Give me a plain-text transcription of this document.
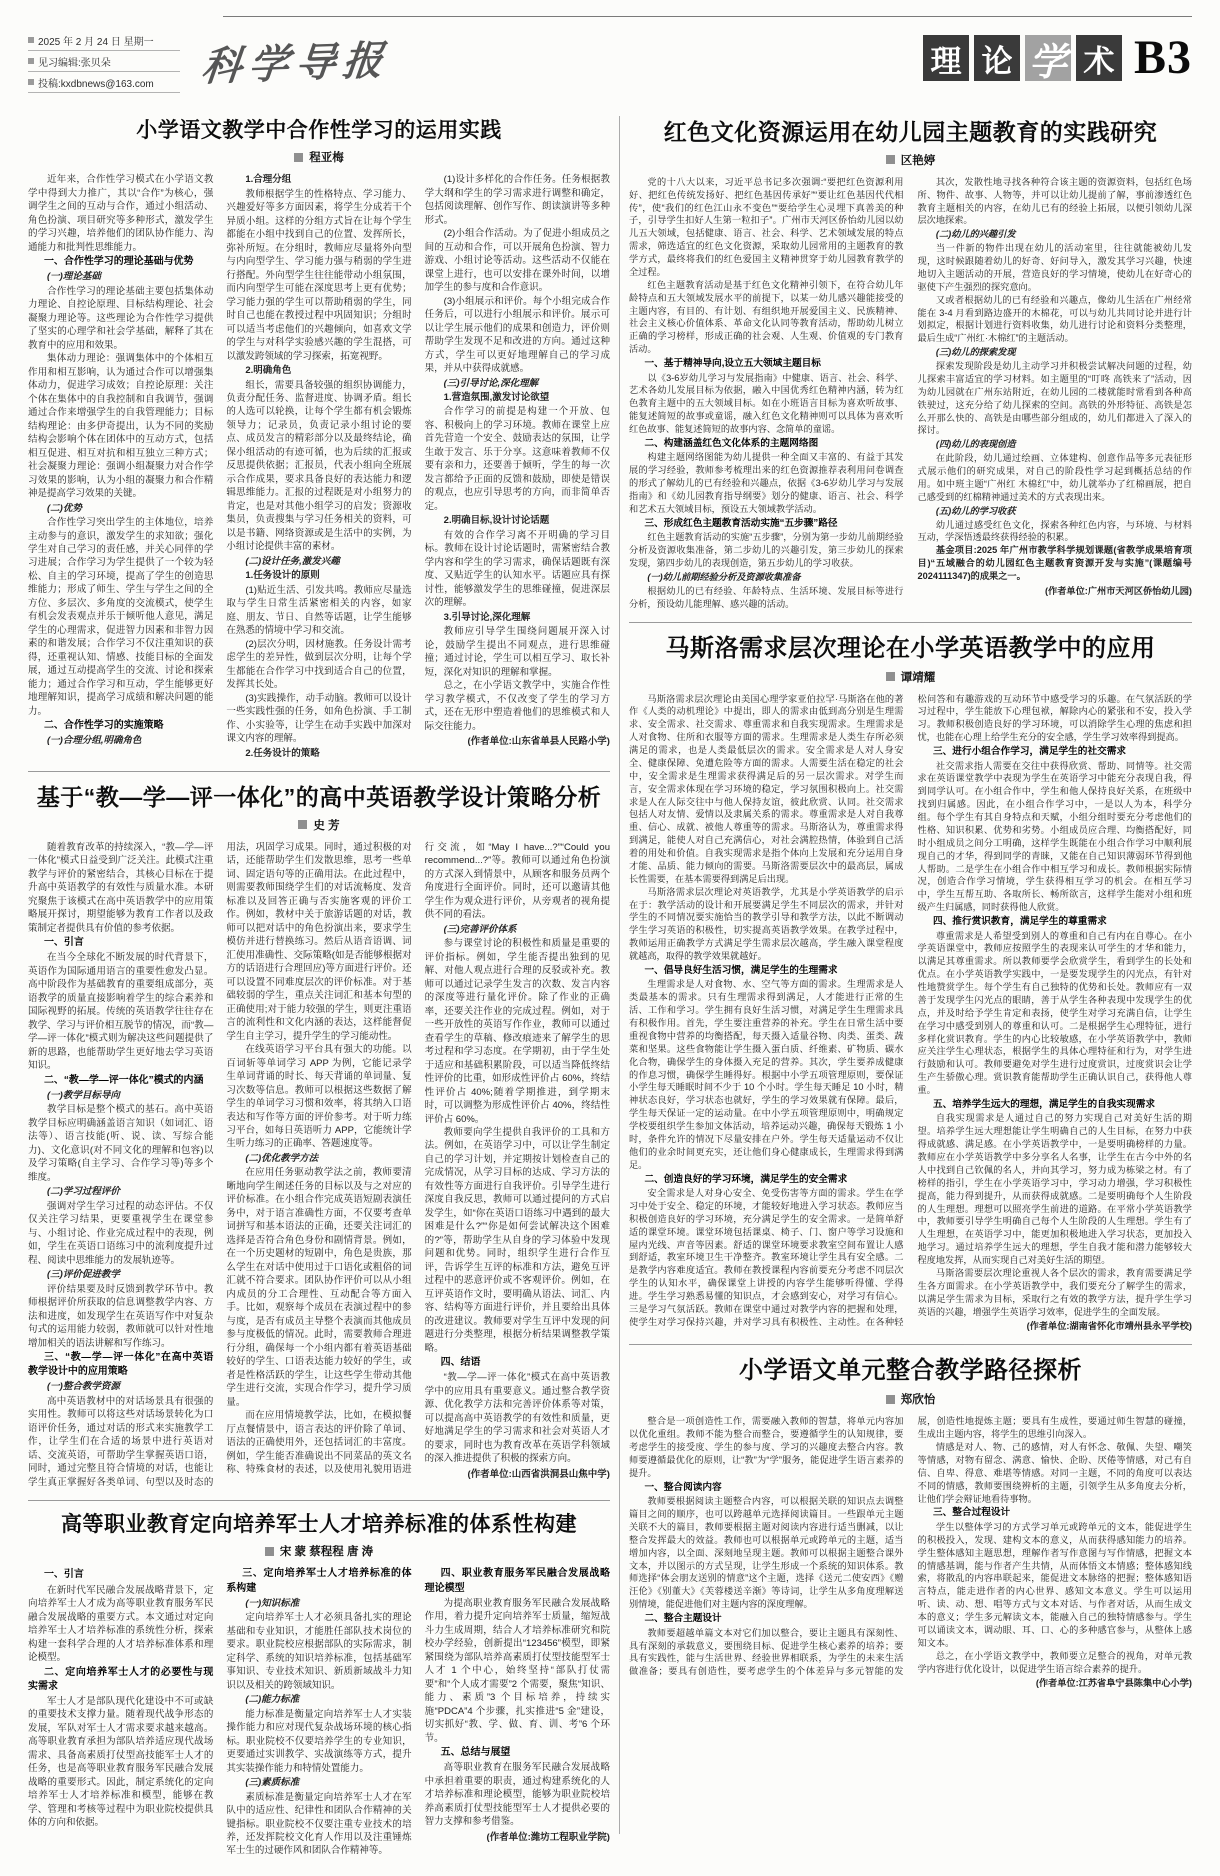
2025 年 2 月 24 日 星期一
见习编辑:张贝朵
投稿:kxdbnews@163.com 科学导报	理 论 学 术 B3
小学语文教学中合作性学习的运用实践
程亚梅
近年来，合作性学习模式在小学语文教学中得到大力推广，其以“合作”为核心，强调学生之间的互动与合作，通过小组活动、角色扮演、项目研究等多种形式，激发学生的学习兴趣，培养他们的团队协作能力、沟通能力和批判性思维能力。
一、合作性学习的理论基础与优势
(一)理论基础
合作性学习的理论基础主要包括集体动力理论、自控论原理、目标结构理论、社会凝聚力理论等。这些理论为合作性学习提供了坚实的心理学和社会学基础，解释了其在教育中的应用和效果。
集体动力理论：强调集体中的个体相互作用和相互影响，认为通过合作可以增强集体动力，促进学习成效；自控论原理：关注个体在集体中的自我控制和自我调节，强调通过合作来增强学生的自我管理能力；目标结构理论：由多伊奇提出，认为不同的奖励结构会影响个体在团体中的互动方式，包括相互促进、相互对抗和相互独立三种方式；社会凝聚力理论：强调小组凝聚力对合作学习效果的影响，认为小组的凝聚力和合作精神是提高学习效果的关键。
(二)优势
合作性学习突出学生的主体地位，培养主动参与的意识，激发学生的求知欲；强化学生对自己学习的责任感，并关心同伴的学习进展；合作学习为学生提供了一个较为轻松、自主的学习环境，提高了学生的创造思维能力；形成了师生、学生与学生之间的全方位、多层次、多角度的交流模式，使学生有机会发表观点并乐于倾听他人意见，满足学生的心理需求，促进智力因素和非智力因素的和谐发展；合作学习不仅注重知识的获得，还重视认知、情感、技能目标的全面发展，通过互动提高学生的交流、讨论和探索能力；通过合作学习和互动，学生能够更好地理解知识，提高学习成绩和解决问题的能力。
二、合作性学习的实施策略
(一)合理分组,明确角色
1.合理分组
教师根据学生的性格特点、学习能力、兴趣爱好等多方面因素，将学生分成若干个异质小组。这样的分组方式旨在让每个学生都能在小组中找到自己的位置、发挥所长，弥补所短。在分组时，教师应尽量将外向型与内向型学生、学习能力强与稍弱的学生进行搭配。外向型学生往往能带动小组氛围，而内向型学生可能在深度思考上更有优势；学习能力强的学生可以帮助稍弱的学生，同时自己也能在教授过程中巩固知识；分组时可以适当考虑他们的兴趣倾向，如喜欢文学的学生与对科学实验感兴趣的学生混搭，可以激发跨领域的学习探索，拓宽视野。
2.明确角色
组长，需要具备较强的组织协调能力，负责分配任务、监督进度、协调矛盾。组长的人选可以轮换，让每个学生都有机会锻炼领导力；记录员，负责记录小组讨论的要点、成员发言的精彩部分以及最终结论，确保小组活动的有迹可循，也为后续的汇报或反思提供依据；汇报员，代表小组向全班展示合作成果，要求具备良好的表达能力和逻辑思维能力。汇报的过程既是对小组努力的肯定，也是对其他小组学习的启发；资源收集员，负责搜集与学习任务相关的资料，可以是书籍、网络资源或是生活中的实例，为小组讨论提供丰富的素材。
(二)设计任务,激发兴趣
1.任务设计的原则
(1)贴近生活、引发共鸣。教师应尽量选取与学生日常生活紧密相关的内容，如家庭、朋友、节日、自然等话题，让学生能够在熟悉的情境中学习和交流。
(2)层次分明，因材施教。任务设计需考虑学生的差异性，做到层次分明，让每个学生都能在合作学习中找到适合自己的位置，发挥其长处。
(3)实践操作，动手动脑。教师可以设计一些实践性强的任务，如角色扮演、手工制作、小实验等，让学生在动手实践中加深对课文内容的理解。
2.任务设计的策略
(1)设计多样化的合作任务。任务根据教学大纲和学生的学习需求进行调整和确定，包括阅读理解、创作写作、朗读演讲等多种形式。
(2)小组合作活动。为了促进小组成员之间的互动和合作，可以开展角色扮演、智力游戏、小组讨论等活动。这些活动不仅能在课堂上进行，也可以安排在课外时间，以增加学生的参与度和合作意识。
(3)小组展示和评价。每个小组完成合作任务后，可以进行小组展示和评价。展示可以让学生展示他们的成果和创造力，评价则帮助学生发现不足和改进的方向。通过这种方式，学生可以更好地理解自己的学习成果，并从中获得成就感。
(三)引导讨论,深化理解
1.营造氛围,激发讨论欲望
合作学习的前提是构建一个开放、包容、积极向上的学习环境。教师在课堂上应首先营造一个安全、鼓励表达的氛围，让学生敢于发言、乐于分享。这意味着教师不仅要有亲和力，还要善于倾听，学生的每一次发言都给予正面的反馈和鼓励，即使是错误的观点，也应引导思考的方向，而非简单否定。
2.明确目标,设计讨论话题
有效的合作学习离不开明确的学习目标。教师在设计讨论话题时，需紧密结合教学内容和学生的学习需求，确保话题既有深度、又贴近学生的认知水平。话题应具有探讨性，能够激发学生的思维碰撞，促进深层次的理解。
3.引导讨论,深化理解
教师应引导学生围绕问题展开深入讨论，鼓励学生提出不同观点，进行思维碰撞；通过讨论，学生可以相互学习、取长补短，深化对知识的理解和掌握。
总之，在小学语文教学中，实施合作性学习教学模式，不仅改变了学生的学习方式，还在无形中塑造着他们的思维模式和人际交往能力。
(作者单位:山东省单县人民路小学)
基于“教—学—评一体化”的高中英语教学设计策略分析
史 芳
随着教育改革的持续深入，“教—学—评一体化”模式日益受到广泛关注。此模式注重教学与评价的紧密结合，其核心目标在于提升高中英语教学的有效性与质量水准。本研究聚焦于该模式在高中英语教学中的应用策略展开探讨，期望能够为教育工作者以及政策制定者提供具有价值的参考依据。
一、引言
在当今全球化不断发展的时代背景下，英语作为国际通用语言的重要性愈发凸显。高中阶段作为基础教育的重要组成部分，英语教学的质量直接影响着学生的综合素养和国际视野的拓展。传统的英语教学往往存在教学、学习与评价相互脱节的情况，而“教—学—评一体化”模式则为解决这些问题提供了新的思路，也能帮助学生更好地去学习英语知识。
二、“教—学—评一体化”模式的内涵
(一)教学目标导向
教学目标是整个模式的基石。高中英语教学目标应明确涵盖语言知识（如词汇、语法等）、语言技能(听、说、读、写综合能力)、文化意识(对不同文化的理解和包容)以及学习策略(自主学习、合作学习等)等多个维度。
(二)学习过程评价
强调对学生学习过程的动态评估。不仅仅关注学习结果，更要重视学生在课堂参与、小组讨论、作业完成过程中的表现，例如，学生在英语口语练习中的流利度提升过程、阅读中思维能力的发展轨迹等。
(三)评价促进教学
评价结果要及时反馈到教学环节中。教师根据评价所获取的信息调整教学内容、方法和进度，如发现学生在英语写作中对复杂句式的运用能力较弱，教师就可以针对性地增加相关的语法讲解和写作练习。
三、“教—学—评一体化”在高中英语教学设计中的应用策略
(一)整合教学资源
高中英语教材中的对话场景具有很强的实用性。教师可以将这些对话场景转化为口语评价任务，通过对话的形式来实施教学工作，让学生们在合适的场景中进行英语对话、交流英语，可帮助学生掌握英语口语，同时，通过完整且符合情境的对话，也能让学生真正掌握好各类单词、句型以及时态的用法，巩固学习成果。同时，通过积极的对话，还能帮助学生们发散思维，思考一些单词、固定语句等的正确用法。在此过程中，则需要教师围绕学生们的对话流畅度、发音标准以及回答正确与否实施客观的评价工作。例如，教材中关于旅游话题的对话，教师可以把对话中的角色扮演出来，要求学生模仿并进行替换练习。然后从语音语调、词汇使用准确性、交际策略(如是否能够根据对方的话语进行合理回应)等方面进行评价。还可以设置不同难度层次的评价标准。对于基础较弱的学生，重点关注词汇和基本句型的正确使用;对于能力较强的学生，则更注重语言的流利性和文化内涵的表达，这样能督促学生自主学习，提升学生的学习能动性。
在线英语学习平台具有强大的功能。以百词斩等单词学习 APP 为例，它能记录学生单词背诵的时长、每天背诵的单词量、复习次数等信息。教师可以根据这些数据了解学生的单词学习习惯和效率，将其纳入口语表达和写作等方面的评价参考。对于听力练习平台，如每日英语听力 APP，它能统计学生听力练习的正确率、答题速度等。
(二)优化教学方法
在应用任务驱动教学法之前，教师要清晰地向学生阐述任务的目标以及与之对应的评价标准。在小组合作完成英语短剧表演任务中，对于语言准确性方面，不仅要考查单词拼写和基本语法的正确，还要关注词汇的选择是否符合角色身份和剧情背景。例如，在一个历史题材的短剧中，角色是贵族，那么学生在对话中使用过于口语化或粗俗的词汇就不符合要求。团队协作评价可以从小组内成员的分工合理性、互动配合等方面入手。比如，观察每个成员在表演过程中的参与度，是否有成员主导整个表演而其他成员参与度极低的情况。此时，需要教师合理进行分组，确保每一个小组内都有着英语基础较好的学生、口语表达能力较好的学生，或者是性格活跃的学生，让这些学生带动其他学生进行交流，实现合作学习，提升学习质量。
而在应用情境教学法，比如，在模拟餐厅点餐情景中，语言表达的评价除了单词、语法的正确使用外，还包括词汇的丰富度。例如，学生能否准确说出不同菜品的英文名称、特殊食材的表述，以及使用礼貌用语进行交流，如“May I have...?”“Could you recommend...?”等。教师可以通过角色扮演的方式深入到情景中，从顾客和服务员两个角度进行全面评价。同时，还可以邀请其他学生作为观众进行评价，从旁观者的视角提供不同的看法。
(三)完善评价体系
参与课堂讨论的积极性和质量是重要的评价指标。例如，学生能否提出独到的见解、对他人观点进行合理的反驳或补充。教师可以通过记录学生发言的次数、发言内容的深度等进行量化评价。除了作业的正确率，还要关注作业的完成过程。例如，对于一些开放性的英语写作作业，教师可以通过查看学生的草稿、修改痕迹来了解学生的思考过程和学习态度。在学期初，由于学生处于适应和基础积累阶段，可以适当降低终结性评价的比重，如形成性评价占 60%，终结性评价占 40%;随着学期推进，到学期末时，可以调整为形成性评价占 40%，终结性评价占 60%。
教师要向学生提供自我评价的工具和方法。例如，在英语学习中，可以让学生制定自己的学习计划，并定期按计划检查自己的完成情况，从学习目标的达成、学习方法的有效性等方面进行自我评价。引导学生进行深度自我反思，教师可以通过提问的方式启发学生，如“你在英语口语练习中遇到的最大困难是什么?”“你是如何尝试解决这个困难的?”等，帮助学生从自身的学习体验中发现问题和优势。同时，组织学生进行合作互评，告诉学生互评的标准和方法，避免互评过程中的恶意评价或不客观评价。例如，在互评英语作文时，要明确从语法、词汇、内容、结构等方面进行评价，并且要给出具体的改进建议。教师要对学生互评中发现的问题进行分类整理，根据分析结果调整教学策略。
四、结语
“教—学—评一体化”模式在高中英语教学中的应用具有重要意义。通过整合教学资源、优化教学方法和完善评价体系等对策，可以提高高中英语教学的有效性和质量，更好地满足学生的学习需求和社会对英语人才的要求，同时也为教育改革在英语学科领域的深入推进提供了积极的探索方向。
(作者单位:山西省洪洞县山焦中学)
高等职业教育定向培养军士人才培养标准的体系性构建
宋 蒙 蔡程程 唐 涛
一、引言
在新时代军民融合发展战略背景下，定向培养军士人才成为高等职业教育服务军民融合发展战略的重要方式。本文通过对定向培养军士人才培养标准的系统性分析，探索构建一套科学合理的人才培养标准体系和理论模型。
二、定向培养军士人才的必要性与现实需求
军士人才是部队现代化建设中不可或缺的重要技术支撑力量。随着现代战争形态的发展，军队对军士人才需求要求越来越高。高等职业教育承担为部队培养适应现代战场需求、具备高素质打仗型高技能军士人才的任务，也是高等职业教育服务军民融合发展战略的重要形式。因此，制定系统化的定向培养军士人才培养标准和模型，能够在教学、管理和考核等过程中为职业院校提供具体的方向和依据。
三、定向培养军士人才培养标准的体系构建
(一)知识标准
定向培养军士人才必须具备扎实的理论基础和专业知识，才能胜任部队技术岗位的要求。职业院校应根据部队的实际需求，制定科学、系统的知识培养标准，包括基础军事知识、专业技术知识、新质新域战斗力知识以及相关的跨领域知识。
(二)能力标准
能力标准是衡量定向培养军士人才实装操作能力和应对现代复杂战场环境的核心指标。职业院校不仅要培养学生的专业知识，更要通过实训教学、实战演练等方式，提升其实装操作能力和特情处置能力。
(三)素质标准
素质标准是衡量定向培养军士人才在军队中的适应性、纪律性和团队合作精神的关键指标。职业院校不仅要注重专业技术的培养，还发挥院校文化育人作用以及注重锤炼军士生的过硬作风和团队合作精神等。
四、职业教育服务军民融合发展战略理论模型
为提高职业教育服务军民融合发展战略作用，着力提升定向培养军士质量，缩短战斗力生成周期，结合人才培养标准研究和院校办学经验，创新提出“123456”模型，即紧紧围绕为部队培养高素质打仗型技能型军士人才 1 个中心，始终坚持“部队打仗需要”和“个人成才需要”2 个需要，聚焦“知识、能力、素质”3 个目标培养，持续实施“PDCA”4 个步骤，扎实推进“5 金”建设，切实抓好“教、学、做、育、训、考”6 个环节。
五、总结与展望
高等职业教育在服务军民融合发展战略中承担着重要的职责，通过构建系统化的人才培养标准和理论模型，能够为职业院校培养高素质打仗型技能型军士人才提供必要的智力支撑和参考借鉴。
(作者单位:潍坊工程职业学院)
红色文化资源运用在幼儿园主题教育的实践研究
区艳婷
党的十八大以来，习近平总书记多次强调:“要把红色资源利用好、把红色传统发扬好、把红色基因传承好”“要让红色基因代代相传”，使“我们的红色江山永不变色”“要给学生心灵埋下真善美的种子，引导学生扣好人生第一粒扣子”。广州市天河区侨怡幼儿园以幼儿五大领域，包括健康、语言、社会、科学、艺术领域发展的特点需求，筛选适宜的红色文化资源，采取幼儿园常用的主题教育的教学方式，最终将我们的红色爱国主义精神贯穿于幼儿园教育教学的全过程。
红色主题教育活动是基于红色文化精神引领下，在符合幼儿年龄特点和五大领域发展水平的前提下，以某一幼儿感兴趣能接受的主题内容，有目的、有计划、有组织地开展爱国主义、民族精神、社会主义核心价值体系、革命文化认同等教育活动，帮助幼儿树立正确的学习榜样，形成正确的社会观、人生观、价值观的专门教育活动。
一、基于精神导向,设立五大领域主题目标
以《3-6岁幼儿学习与发展指南》中健康、语言、社会、科学、艺术各幼儿发展目标为依据，融入中国优秀红色精神内涵，转为红色教育主题中的五大领域目标。如在小班语言目标为喜欢听故事、能复述简短的故事或童谣，融入红色文化精神则可以具体为喜欢听红色故事、能复述简短的故事内容、念简单的童谣。
二、构建涵盖红色文化体系的主题网络图
构建主题网络图能为幼儿提供一种全面又丰富的、有益于其发展的学习经验，教师参考梳理出来的红色资源推荐表利用问卷调查的形式了解幼儿的已有经验和兴趣点，依据《3-6岁幼儿学习与发展指南》和《幼儿园教育指导纲要》划分的健康、语言、社会、科学和艺术五大领域目标，预设五大领域教学活动。
三、形成红色主题教育活动实施“五步骤”路径
红色主题教育活动的实施“五步骤”，分别为第一步幼儿前期经验分析及资源收集准备，第二步幼儿的兴趣引发，第三步幼儿的探索发现，第四步幼儿的表现创造，第五步幼儿的学习收获。
(一)幼儿前期经验分析及资源收集准备
根据幼儿的已有经验、年龄特点、生活环境、发展目标等进行分析，预设幼儿能理解、感兴趣的活动。
其次，发散性地寻找各种符合该主题的资源资料，包括红色场所、物件、故事、人物等，并可以让幼儿提前了解，事前渗透红色教育主题相关的内容，在幼儿已有的经验上拓展，以便引领幼儿深层次地探索。
(二)幼儿的兴趣引发
当一件新的物件出现在幼儿的活动室里，往往就能被幼儿发现，这时候跟随着幼儿的好奇、好问导入，激发其学习兴趣，快速地切入主题活动的开展，营造良好的学习情境，使幼儿在好奇心的驱使下产生强烈的探究意向。
又或者根据幼儿的已有经验和兴趣点，像幼儿生活在广州经常能在 3-4 月看到路边盛开的木棉花，可以与幼儿共同讨论并进行计划拟定，根据计划进行资料收集，幼儿进行讨论和资料分类整理，最后生成“广州红·木棉红”的主题活动。
(三)幼儿的探索发现
探索发现阶段是幼儿主动学习并积极尝试解决问题的过程，幼儿探索丰富适宜的学习材料。如主题里的“叮咚 高铁来了”活动，因为幼儿园就在广州东站附近，在幼儿园的二楼就能时常看到各种高铁驶过，这充分给了幼儿探索的空间。高铁的外形特征、高铁是怎么开那么快的、高铁是由哪些部分组成的，幼儿们都进入了深入的探讨。
(四)幼儿的表现创造
在此阶段，幼儿通过绘画、立体建构、创意作品等多元表征形式展示他们的研究成果，对自己的阶段性学习起到概括总结的作用。如中班主题“广州红 木棉红”中，幼儿就举办了红棉画展，把自己感受到的红棉精神通过美术的方式表现出来。
(五)幼儿的学习收获
幼儿通过感受红色文化，探索各种红色内容，与环境、与材料互动，学深悟透最终获得经验的积累。
基金项目:2025 年广州市教学科学规划课题(省教学成果培育项目)“五域融合的幼儿园红色主题教育资源开发与实施”(课题编号 2024111347)的成果之一。
(作者单位:广州市天河区侨怡幼儿园)
马斯洛需求层次理论在小学英语教学中的应用
谭靖耀
马斯洛需求层次理论由美国心理学家亚伯拉罕·马斯洛在他的著作《人类的动机理论》中提出，即人的需求由低到高分别是生理需求、安全需求、社交需求、尊重需求和自我实现需求。生理需求是人对食物、住所和衣服等方面的需求。生理需求是人类生存所必须满足的需求，也是人类最低层次的需求。安全需求是人对人身安全、健康保障、免遭危险等方面的需求。人需要生活在稳定的社会中，安全需求是生理需求获得满足后的另一层次需求。对学生而言，安全需求体现在学习环境的稳定，学习氛围积极向上。社交需求是人在人际交往中与他人保持友谊，彼此欣赏、认同。社交需求包括人对友情、爱情以及隶属关系的需求。尊重需求是人对自我尊重、信心、成就、被他人尊重等的需求。马斯洛认为，尊重需求得到满足，能使人对自己充满信心，对社会满腔热情，体验到自己活着的用处和价值。自我实现需求是指个体向上发展和充分运用自身才能、品质、能力倾向的需要。马斯洛需要层次中的最高层，属成长性需要，在基本需要得到满足后出现。
马斯洛需求层次理论对英语教学，尤其是小学英语教学的启示在于：教学活动的设计和开展要满足学生不同层次的需求，并针对学生的不同情况要实施恰当的教学引导和教学方法，以此不断调动学生学习英语的积极性，切实提高英语教学效果。在教学过程中，教师运用正确教学方式满足学生需求层次越高，学生融入课堂程度就越高，取得的教学效果就越好。
一、倡导良好生活习惯，满足学生的生理需求
生理需求是人对食物、水、空气等方面的需求。生理需求是人类最基本的需求。只有生理需求得到满足，人才能进行正常的生活、工作和学习。学生拥有良好生活习惯，对满足学生生理需求具有积极作用。首先，学生要注重营养的补充。学生在日常生活中要重视食物中营养的均衡搭配，每天摄入适量谷物、肉类、蛋类、蔬菜和坚果。这些食物能让学生摄入蛋白质、纤维素、矿物质、碳水化合物，确保学生的身体摄入充足的营养。其次，学生要养成健康的作息习惯，确保学生睡得好。根据中小学五项管理原则，要保证小学生每天睡眠时间不少于 10 个小时。学生每天睡足 10 小时，精神状态良好，学习状态也就好，学生的学习效果就有保障。最后，学生每天保证一定的运动量。在中小学五项管理原则中，明确规定学校要组织学生参加文体活动，培养运动兴趣，确保每天锻炼 1 小时，条件允许的情况下尽量安排在户外。学生每天适量运动不仅让他们的业余时间更充实，还让他们身心健康成长，生理需求得到满足。
二、创造良好的学习环境，满足学生的安全需求
安全需求是人对身心安全、免受伤害等方面的需求。学生在学习中处于安全、稳定的环境，才能较好地进入学习状态。教师应当积极创造良好的学习环境，充分满足学生的安全需求。一是简单舒适的课堂环境。课堂环境包括课桌、椅子、门、窗户等学习设施和屋内光线、声音等因素。舒适的课堂环境要求教室空间布置让人感到舒适，教室环境卫生干净整齐。教室环境让学生具有安全感。二是教学内容难度适宜。教师在教授课程内容前要充分考虑不同层次学生的认知水平，确保课堂上讲授的内容学生能够听得懂、学得进。学生学习熟悉易懂的知识点，才会感到安心，对学习有信心。三是学习气氛活跃。教师在课堂中通过对教学内容的把握和处理，使学生对学习保持兴趣，并对学习具有积极性、主动性。在各种轻松问答和有趣游戏的互动环节中感受学习的乐趣。在气氛活跃的学习过程中，学生能放下心理包袱，解除内心的紧张和不安，投入学习。教师积极创造良好的学习环境，可以消除学生心理的焦虑和担忧，也能在心理上给学生充分的安全感，学生学习效率得到提高。
三、进行小组合作学习，满足学生的社交需求
社交需求指人需要在交往中获得欣赏、帮助、同情等。社交需求在英语课堂教学中表现为学生在英语学习中能充分表现自我，得到同学认可。在小组合作中，学生和他人保持良好关系，在班级中找到归属感。因此，在小组合作学习中，一是以人为本，科学分组。每个学生有其自身特点和天赋，小组分组时要充分考虑他们的性格、知识积累、优势和劣势。小组成员应合理、均衡搭配好，同时小组成员之间分工明确，这样学生既能在小组合作学习中顺利展现自己的才华，得到同学的青睐，又能在自己知识薄弱环节得到他人帮助。二是学生在小组合作中相互学习和成长。教师根据实际情况，创造合作学习情境，学生获得相互学习的机会。在相互学习中，学生互帮互助、各取所长、畅所欲言，这样学生能对小组和班级产生归属感，同时获得他人欣赏。
四、推行赏识教育，满足学生的尊重需求
尊重需求是人希望受到别人的尊重和自己有内在自尊心。在小学英语课堂中，教师应按照学生的表现来认可学生的才华和能力，以满足其尊重需求。所以教师要学会欣赏学生，看到学生的长处和优点。在小学英语教学实践中，一是要发现学生的闪光点，有针对性地赞赏学生。每个学生有自己独特的优势和长处。教师应有一双善于发现学生闪光点的眼睛，善于从学生各种表现中发现学生的优点，并及时给予学生肯定和表扬，使学生对学习充满自信，让学生在学习中感受到别人的尊重和认可。二是根据学生心理特征，进行多样化赏识教育。学生的内心比较敏感，在小学英语教学中，教师应关注学生心理状态，根据学生的具体心理特征和行为，对学生进行鼓励和认可。教师要避免对学生进行过度赏识，过度赏识会让学生产生骄傲心理。赏识教育能帮助学生正确认识自己，获得他人尊重。
五、培养学生远大的理想，满足学生的自我实现需求
自我实现需求是人通过自己的努力实现自己对美好生活的期望。培养学生远大理想能让学生明确自己的人生目标，在努力中获得成就感、满足感。在小学英语教学中，一是要明确榜样的力量。教师应在小学英语教学中多分享名人名事，让学生在古今中外的名人中找到自己钦佩的名人，并向其学习，努力成为栋梁之材。有了榜样的指引，学生在小学英语学习中，学习动力增强，学习积极性提高，能力得到提升，从而获得成就感。二是要明确每个人生阶段的人生理想。理想可以照亮学生前进的道路。在平常小学英语教学中，教师要引导学生明确自己每个人生阶段的人生理想。学生有了人生理想，在英语学习中，能更加积极地进入学习状态，更加投入地学习。通过培养学生远大的理想，学生自我才能和潜力能够较大程度地发挥，从而实现自己对美好生活的期望。
马斯洛需要层次理论重视人各个层次的需求，教育需要满足学生各方面需求。在小学英语教学中，我们要充分了解学生的需求，以满足学生需求为目标，采取行之有效的教学方法，提升学生学习英语的兴趣，增强学生英语学习效率，促进学生的全面发展。
(作者单位:湖南省怀化市靖州县永平学校)
小学语文单元整合教学路径探析
郑欣怡
整合是一项创造性工作，需要融入教师的智慧，将单元内容加以优化重组。教师不能为整合而整合，要遵循学生的认知规律，要考虑学生的接受度、学生的参与度、学习的兴趣度去整合内容。教师要遵循最优化的原则，让“教”为“学”服务，能促进学生语言素养的提升。
一、整合阅读内容
教师要根据阅读主题整合内容，可以根据关联的知识点去调整篇目之间的顺序，也可以跨越单元选择阅读篇目。一些跟单元主题关联不大的篇目，教师要根据主题对阅读内容进行适当删减，以让整合发挥最大的效益。教师也可以根据单元或跨单元的主题，适当增加内容，以全面、深刻地呈现主题。教师可以根据主题整合课外文本，并以图示的方式呈现，让学生形成一个系统的知识体系。教师选择“体会朋友送别的情意”这个主题，选择《送元二使安西》《赠汪伦》《别董大》《芙蓉楼送辛渐》等诗词，让学生从多角度理解送别情境，能促进他们对主题内容的深度理解。
二、整合主题设计
教师要超越单篇文本对它们加以整合，要让主题具有深刻性、具有深刻的承载意义，要围绕目标、促进学生核心素养的培养；要具有实践性，能与生活世界、经验世界相联系，为学生的未来生活做准备；要具有创造性，要考虑学生的个体差异与多元智能的发展，创造性地提炼主题；要具有生成性，要通过师生智慧的碰撞，生成出主题内容，将学生的思维引向深入。
情感是对人、物、己的感情，对人有怀念、敬佩、失望、嘲笑等情感，对物有留念、满意、愉快、企盼、厌倦等情感，对己有自信、自卑、得意、难堪等情感。对同一主题，不同的角度可以表达不同的情感，教师要围绕辨析的主题，引领学生从多角度去分析，让他们学会辩证地看待事物。
三、整合过程设计
学生以整体学习的方式学习单元或跨单元的文本，能促进学生的积极投入，发现、建构文本的意义，从而获得感知能力的培养。学生整体感知主题思想，理解作者写作意图与写作情感，把握文本的情感基调，能与作者产生共情，从而体悟文本情感；整体感知线索，将散乱的内容串联起来，能促进文本脉络的把握；整体感知语言特点，能走进作者的内心世界、感知文本意义。学生可以运用听、读、动、想、唱等方式与文本对话、与作者对话，从而生成文本的意义；学生多元解读文本，能融入自己的独特情感参与。学生可以诵读文本，调动眼、耳、口、心的多种感官参与，从整体上感知文本。
总之，在小学语文教学中，教师要立足整合的视角，对单元教学内容进行优化设计，以促进学生语言综合素养的提升。
(作者单位:江苏省阜宁县陈集中心小学)
